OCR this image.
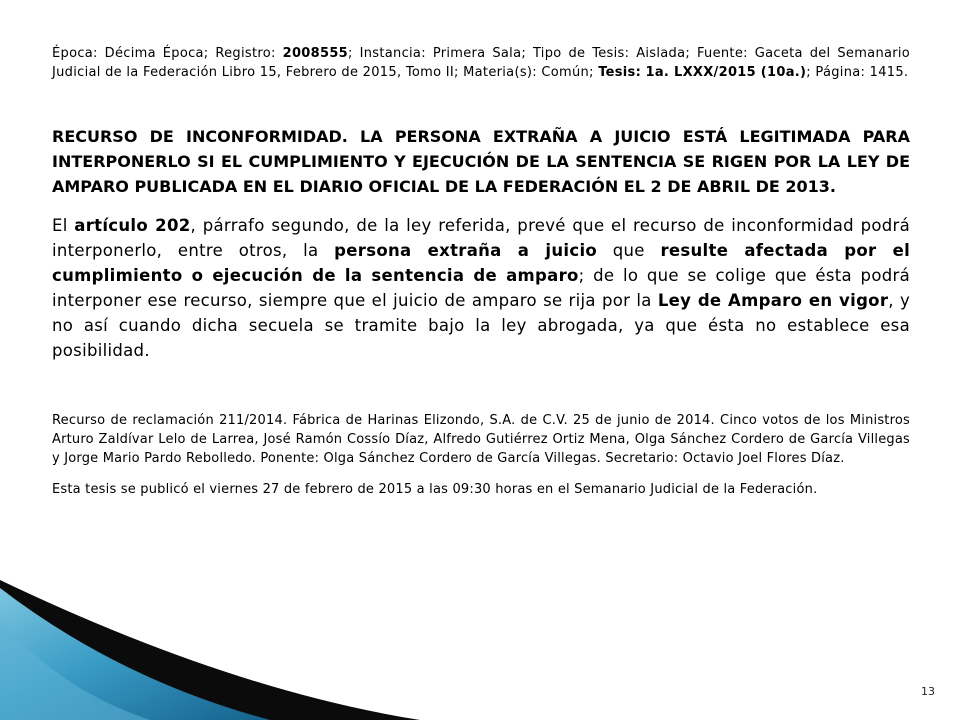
Época: Décima Época; Registro: 2008555; Instancia: Primera Sala; Tipo de Tesis: Aislada; Fuente: Gaceta del Semanario Judicial de la Federación Libro 15, Febrero de 2015, Tomo II; Materia(s): Común; Tesis: 1a. LXXX/2015 (10a.); Página: 1415.

RECURSO DE INCONFORMIDAD. LA PERSONA EXTRAÑA A JUICIO ESTÁ LEGITIMADA PARA INTERPONERLO SI EL CUMPLIMIENTO Y EJECUCIÓN DE LA SENTENCIA SE RIGEN POR LA LEY DE AMPARO PUBLICADA EN EL DIARIO OFICIAL DE LA FEDERACIÓN EL 2 DE ABRIL DE 2013.

El artículo 202, párrafo segundo, de la ley referida, prevé que el recurso de inconformidad podrá interponerlo, entre otros, la persona extraña a juicio que resulte afectada por el cumplimiento o ejecución de la sentencia de amparo; de lo que se colige que ésta podrá interponer ese recurso, siempre que el juicio de amparo se rija por la Ley de Amparo en vigor, y no así cuando dicha secuela se tramite bajo la ley abrogada, ya que ésta no establece esa posibilidad.

Recurso de reclamación 211/2014. Fábrica de Harinas Elizondo, S.A. de C.V. 25 de junio de 2014. Cinco votos de los Ministros Arturo Zaldívar Lelo de Larrea, José Ramón Cossío Díaz, Alfredo Gutiérrez Ortiz Mena, Olga Sánchez Cordero de García Villegas y Jorge Mario Pardo Rebolledo. Ponente: Olga Sánchez Cordero de García Villegas. Secretario: Octavio Joel Flores Díaz.

Esta tesis se publicó el viernes 27 de febrero de 2015 a las 09:30 horas en el Semanario Judicial de la Federación.

13
